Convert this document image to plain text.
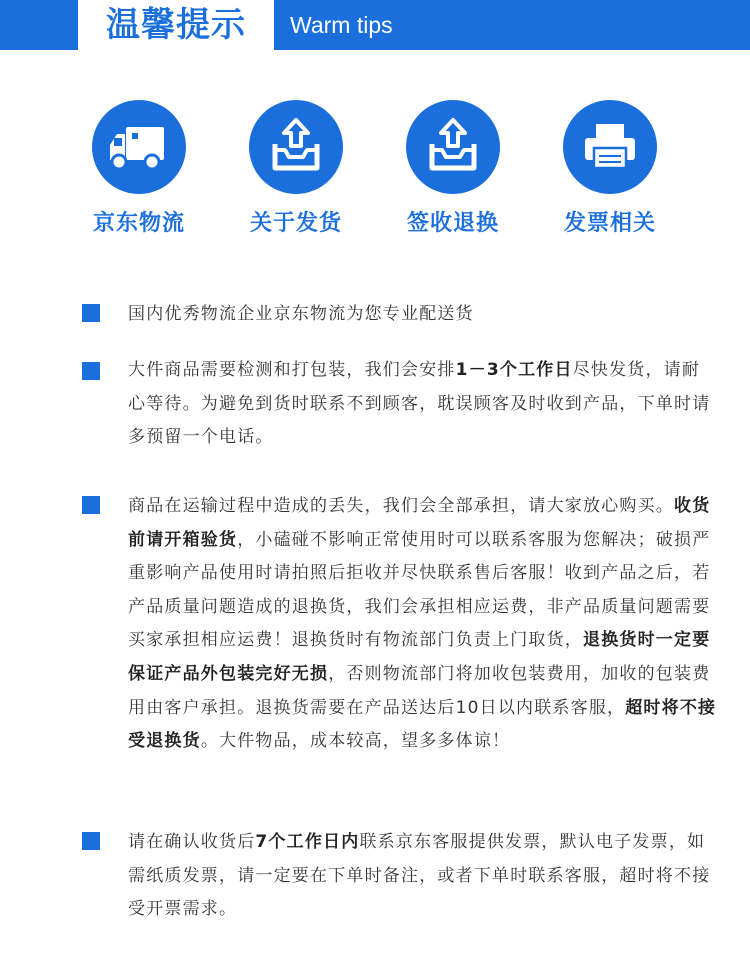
温馨提示	Warm tips
京东物流	关于发货	签收退换	发票相关

国内优秀物流企业京东物流为您专业配送货

大件商品需要检测和打包装，我们会安排1－3个工作日尽快发货，请耐心等待。为避免到货时联系不到顾客，耽误顾客及时收到产品，下单时请多预留一个电话。

商品在运输过程中造成的丢失，我们会全部承担，请大家放心购买。收货前请开箱验货，小磕碰不影响正常使用时可以联系客服为您解决；破损严重影响产品使用时请拍照后拒收并尽快联系售后客服！收到产品之后，若产品质量问题造成的退换货，我们会承担相应运费，非产品质量问题需要买家承担相应运费！退换货时有物流部门负责上门取货，退换货时一定要保证产品外包装完好无损，否则物流部门将加收包装费用，加收的包装费用由客户承担。退换货需要在产品送达后10日以内联系客服，超时将不接受退换货。大件物品，成本较高，望多多体谅！

请在确认收货后7个工作日内联系京东客服提供发票，默认电子发票，如需纸质发票，请一定要在下单时备注，或者下单时联系客服，超时将不接受开票需求。
